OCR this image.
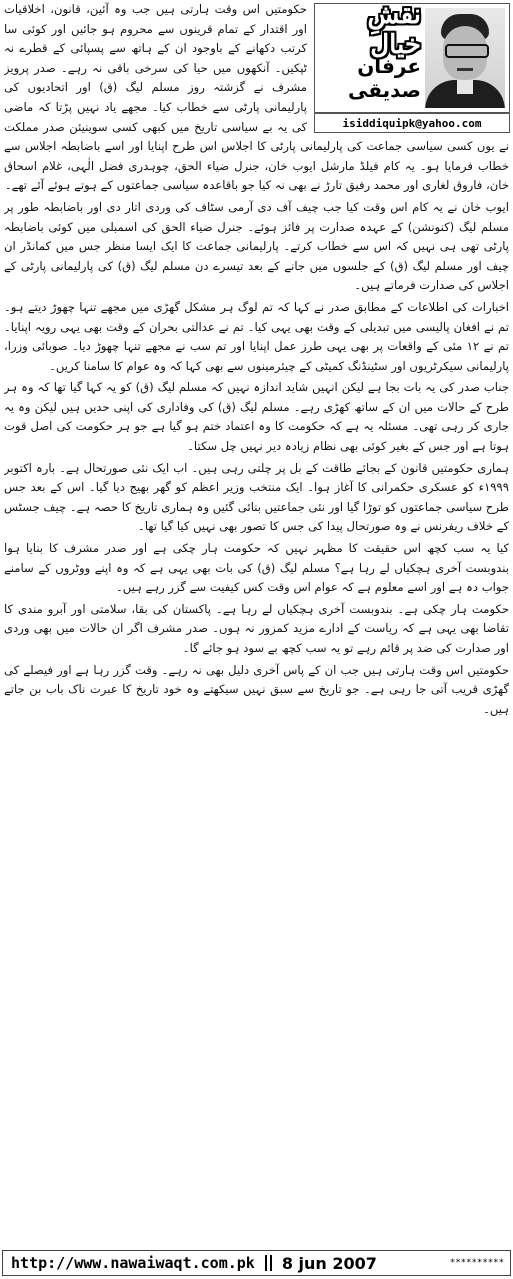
حکومتیں اس وقت ہارتی ہیں جب وہ آئین، قانون، اخلاقیات اور اقتدار کے تمام قرینوں سے محروم ہو جائیں اور کوئی سا کرتب دکھانے کے باوجود ان کے ہاتھ سے پسپائی کے قطرے نہ ٹپکیں۔ آنکھوں میں حیا کی سرخی باقی نہ رہے۔ صدر پرویز مشرف نے گزشتہ روز مسلم لیگ (ق) اور اتحادیوں کی پارلیمانی پارٹی سے خطاب کیا۔ مجھے یاد نہیں پڑتا کہ ماضی کی یہ بے سیاسی تاریخ میں کبھی کسی سوینیئن صدر مملکت نے یوں کسی سیاسی جماعت کی پارلیمانی پارٹی کا اجلاس اس طرح اپنایا اور اسے باضابطہ اجلاس سے خطاب فرمایا ہو۔ یہ کام فیلڈ مارشل ایوب خان، جنرل ضیاء الحق، چوہدری فضل الٰہی، غلام اسحاق خان، فاروق لغاری اور محمد رفیق تارڑ نے بھی نہ کیا جو باقاعدہ سیاسی جماعتوں کے ہوتے ہوئے آئے تھے۔

ایوب خان نے یہ کام اس وقت کیا جب چیف آف دی آرمی سٹاف کی وردی اتار دی اور باضابطہ طور پر مسلم لیگ (کنونشن) کے عہدہ صدارت پر فائز ہوئے۔ جنرل ضیاء الحق کی اسمبلی میں کوئی باضابطہ پارٹی تھی ہی نہیں کہ اس سے خطاب کرتے۔ پارلیمانی جماعت کا ایک ایسا منظر جس میں کمانڈر ان چیف اور مسلم لیگ (ق) کے جلسوں میں جانے کے بعد تیسرے دن مسلم لیگ (ق) کی پارلیمانی پارٹی کے اجلاس کی صدارت فرماتے ہیں۔

اخبارات کی اطلاعات کے مطابق صدر نے کہا کہ تم لوگ ہر مشکل گھڑی میں مجھے تنہا چھوڑ دیتے ہو۔ تم نے افغان پالیسی میں تبدیلی کے وقت بھی یہی کیا۔ تم نے عدالتی بحران کے وقت بھی یہی رویہ اپنایا۔ تم نے ۱۲ مئی کے واقعات پر بھی یہی طرز عمل اپنایا اور تم سب نے مجھے تنہا چھوڑ دیا۔ صوبائی وزرا، پارلیمانی سیکرٹریوں اور سٹینڈنگ کمیٹی کے چیئرمینوں سے بھی کہا کہ وہ عوام کا سامنا کریں۔

جناب صدر کی یہ بات بجا ہے لیکن انہیں شاید اندازہ نہیں کہ مسلم لیگ (ق) کو یہ کہا گیا تھا کہ وہ ہر طرح کے حالات میں ان کے ساتھ کھڑی رہے۔ مسلم لیگ (ق) کی وفاداری کی اپنی حدیں ہیں لیکن وہ یہ جاری کر رہی تھی۔ مسئلہ یہ ہے کہ حکومت کا وہ اعتماد ختم ہو گیا ہے جو ہر حکومت کی اصل قوت ہوتا ہے اور جس کے بغیر کوئی بھی نظام زیادہ دیر نہیں چل سکتا۔

ہماری حکومتیں قانون کے بجائے طاقت کے بل پر چلتی رہی ہیں۔ اب ایک نئی صورتحال ہے۔ بارہ اکتوبر ۱۹۹۹ء کو عسکری حکمرانی کا آغاز ہوا۔ ایک منتخب وزیر اعظم کو گھر بھیج دیا گیا۔ اس کے بعد جس طرح سیاسی جماعتوں کو توڑا گیا اور نئی جماعتیں بنائی گئیں وہ ہماری تاریخ کا حصہ ہے۔ چیف جسٹس کے خلاف ریفرنس نے وہ صورتحال پیدا کی جس کا تصور بھی نہیں کیا گیا تھا۔

کیا یہ سب کچھ اس حقیقت کا مظہر نہیں کہ حکومت ہار چکی ہے اور صدر مشرف کا بنایا ہوا بندوبست آخری ہچکیاں لے رہا ہے؟ مسلم لیگ (ق) کی بات بھی یہی ہے کہ وہ اپنے ووٹروں کے سامنے جواب دہ ہے اور اسے معلوم ہے کہ عوام اس وقت کس کیفیت سے گزر رہے ہیں۔

حکومت ہار چکی ہے۔ بندوبست آخری ہچکیاں لے رہا ہے۔ پاکستان کی بقا، سلامتی اور آبرو مندی کا تقاضا بھی یہی ہے کہ ریاست کے ادارے مزید کمزور نہ ہوں۔ صدر مشرف اگر ان حالات میں بھی وردی اور صدارت کی ضد پر قائم رہے تو یہ سب کچھ بے سود ہو جائے گا۔

حکومتیں اس وقت ہارتی ہیں جب ان کے پاس آخری دلیل بھی نہ رہے۔ وقت گزر رہا ہے اور فیصلے کی گھڑی قریب آتی جا رہی ہے۔ جو تاریخ سے سبق نہیں سیکھتے وہ خود تاریخ کا عبرت ناک باب بن جاتے ہیں۔

نقشِ خیال
عرفان صدیقی
isiddiquipk@yahoo.com
http://www.nawaiwaqt.com.pk 8 jun 2007	**********
